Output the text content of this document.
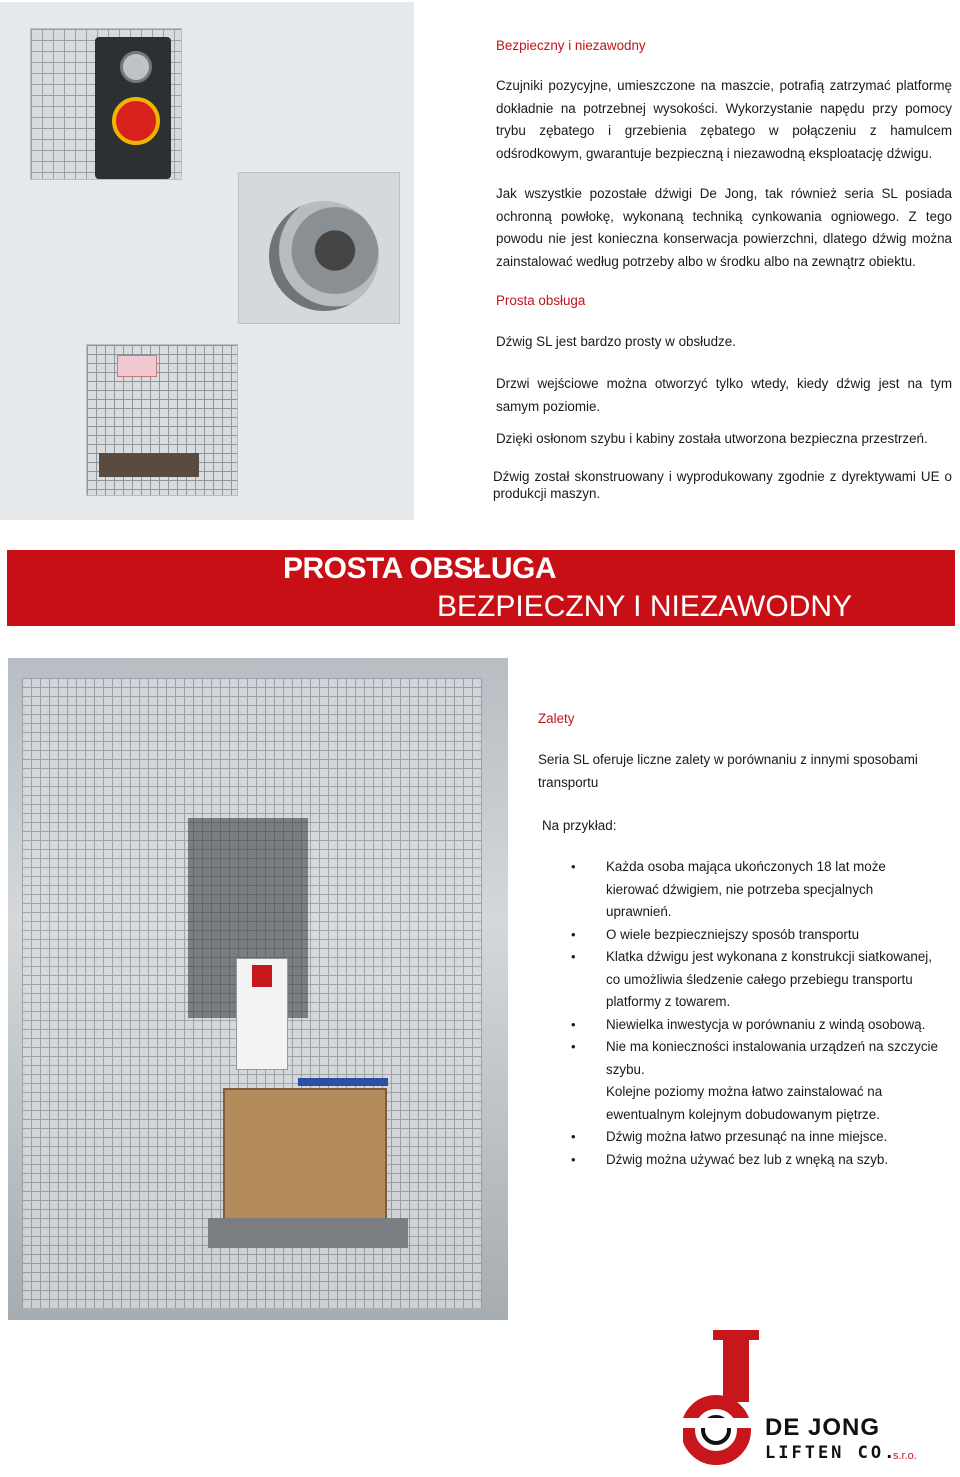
Bezpieczny i niezawodny
Czujniki pozycyjne, umieszczone na maszcie, potrafią zatrzymać platformę dokładnie na potrzebnej wysokości. Wykorzystanie napędu przy pomocy trybu zębatego i grzebienia zębatego w połączeniu z hamulcem odśrodkowym, gwarantuje bezpieczną i niezawodną eksploatację dźwigu.
Jak wszystkie pozostałe dźwigi De Jong, tak również seria SL posiada ochronną powłokę, wykonaną techniką cynkowania ogniowego. Z tego powodu nie jest konieczna konserwacja powierzchni, dlatego dźwig można zainstalować według potrzeby albo w środku albo na zewnątrz obiektu.
Prosta obsługa
Dźwig SL jest bardzo prosty w obsłudze.
Drzwi wejściowe można otworzyć tylko wtedy, kiedy dźwig jest na tym samym poziomie.
Dzięki osłonom szybu i kabiny została utworzona bezpieczna przestrzeń.
Dźwig został skonstruowany i wyprodukowany zgodnie z dyrektywami UE o produkcji maszyn.
PROSTA OBSŁUGA
BEZPIECZNY I NIEZAWODNY
Zalety
Seria SL oferuje liczne zalety w porównaniu z innymi sposobami transportu
Na przykład:
• Każda osoba mająca ukończonych 18 lat może kierować dźwigiem, nie potrzeba specjalnych uprawnień.
• O wiele bezpieczniejszy sposób transportu
• Klatka dźwigu jest wykonana z konstrukcji siatkowanej, co umożliwia śledzenie całego przebiegu transportu platformy z towarem.
• Niewielka inwestycja w porównaniu z windą osobową.
• Nie ma konieczności instalowania urządzeń na szczycie szybu.
Kolejne poziomy można łatwo zainstalować na ewentualnym kolejnym dobudowanym piętrze.
• Dźwig można łatwo przesunąć na inne miejsce.
• Dźwig można używać bez lub z wnęką na szyb.
DE JONG
LIFTEN CO.
s.r.o.
